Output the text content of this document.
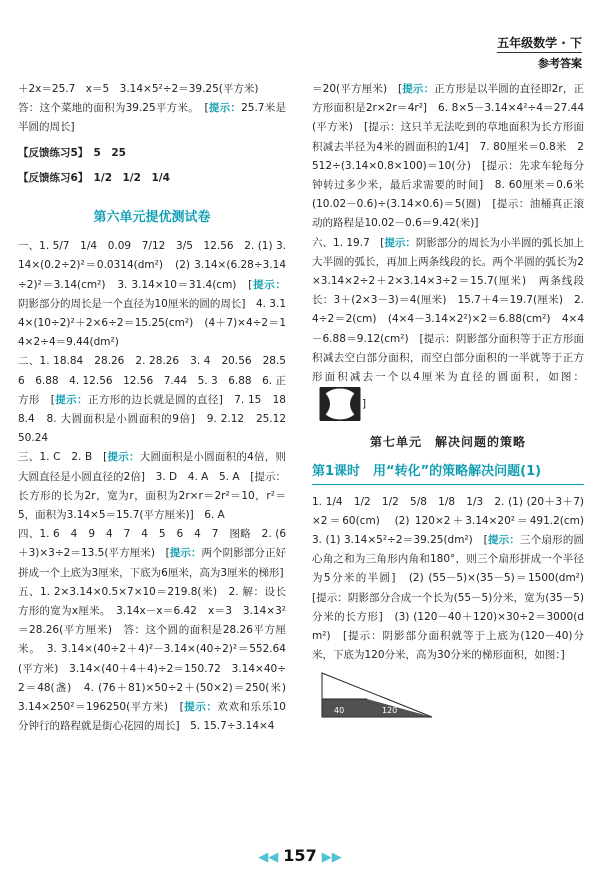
五年级数学 · 下
参考答案

＋2x＝25.7　x＝5　3.14×5²÷2＝39.25(平方米)
答：这个菜地的面积为39.25平方米。　[提示：25.7米是半圆的周长]

【反馈练习5】　5　25

【反馈练习6】　1/2　1/2　1/4

第六单元提优测试卷

一、1. 5/7　1/4　0.09　7/12　3/5　12.56　2. (1) 3.14×(0.2÷2)²＝0.0314(dm²)　(2) 3.14×(6.28÷3.14÷2)²＝3.14(cm²)　3. 3.14×10＝31.4(cm)　[提示：阴影部分的周长是一个直径为10厘米的圆的周长]　4. 3.14×(10÷2)²＋2×6÷2＝15.25(cm²)　(4＋7)×4÷2＝14×2÷4＝9.44(dm²)

二、1. 18.84　28.26　2. 28.26　3. 4　20.56　28.56　6.88　4. 12.56　12.56　7.44　5. 3　6.88　6. 正方形　[提示：正方形的边长就是圆的直径]　7. 15　188.4　8. 大圆面积是小圆面积的9倍]　9. 2.12　25.12　50.24

三、1. C　2. B　[提示：大圆面积是小圆面积的4倍，则大圆直径是小圆直径的2倍]　3. D　4. A　5. A　[提示：长方形的长为2r，宽为r，面积为2r×r＝2r²＝10，r²＝5，面积为3.14×5＝15.7(平方厘米)]　6. A

四、1. 6　4　9　4　7　4　5　6　4　7　图略　2. (6＋3)×3÷2＝13.5(平方厘米)　[提示：两个阴影部分正好拼成一个上底为3厘米，下底为6厘米，高为3厘米的梯形]

五、1. 2×3.14×0.5×7×10＝219.8(米)　2. 解：设长方形的宽为x厘米。　3.14x－x＝6.42　x＝3　3.14×3²＝28.26(平方厘米)　答：这个圆的面积是28.26平方厘米。　3. 3.14×(40÷2＋4)²－3.14×(40÷2)²＝552.64(平方米)　3.14×(40＋4＋4)÷2＝150.72　3.14×40÷2＝48(盏)　4. (76＋81)×50÷2＋(50×2)＝250(米)　3.14×250²＝196250(平方米)　[提示：欢欢和乐乐10分钟行的路程就是街心花园的周长]　5. 15.7÷3.14×4

＝20(平方厘米)　[提示：正方形是以半圆的直径即2r，正方形面积是2r×2r＝4r²]　6. 8×5－3.14×4²÷4＝27.44(平方米)　[提示：这只羊无法吃到的草地面积为长方形面积减去半径为4米的圆面积的1/4]　7. 80厘米＝0.8米　2512÷(3.14×0.8×100)＝10(分)　[提示：先求车轮每分钟转过多少米，最后求需要的时间]　8. 60厘米＝0.6米　(10.02－0.6)÷(3.14×0.6)＝5(圈)　[提示：油桶真正滚动的路程是10.02－0.6＝9.42(米)]

六、1. 19.7　[提示：阴影部分的周长为小半圆的弧长加上大半圆的弧长，再加上两条线段的长。两个半圆的弧长为2×3.14×2÷2＋2×3.14×3÷2＝15.7(厘米)　两条线段长：3＋(2×3－3)＝4(厘米)　15.7＋4＝19.7(厘米)　2. 4÷2＝2(cm)　(4×4－3.14×2²)×2＝6.88(cm²)　4×4－6.88＝9.12(cm²)　[提示：阴影部分面积等于正方形面积减去空白部分面积，而空白部分面积的一半就等于正方形面积减去一个以4厘米为直径的圆面积，如图： ]

第七单元　解决问题的策略
第1课时　用“转化”的策略解决问题(1)

1. 1/4　1/2　1/2　5/8　1/8　1/3　2. (1) (20＋3＋7)×2＝60(cm)　(2) 120×2＋3.14×20²＝491.2(cm)　3. (1) 3.14×5²÷2＝39.25(dm²)　[提示：三个扇形的圆心角之和为三角形内角和180°，则三个扇形拼成一个半径为5分米的半圆]　(2) (55－5)×(35－5)＝1500(dm²)　[提示：阴影部分合成一个长为(55－5)分米，宽为(35－5)分米的长方形]　(3) (120－40＋120)×30÷2＝3000(dm²)　[提示：阴影部分面积就等于上底为(120－40)分米，下底为120分米，高为30分米的梯形面积，如图：]

40	120
◀◀ 157 ▶▶
